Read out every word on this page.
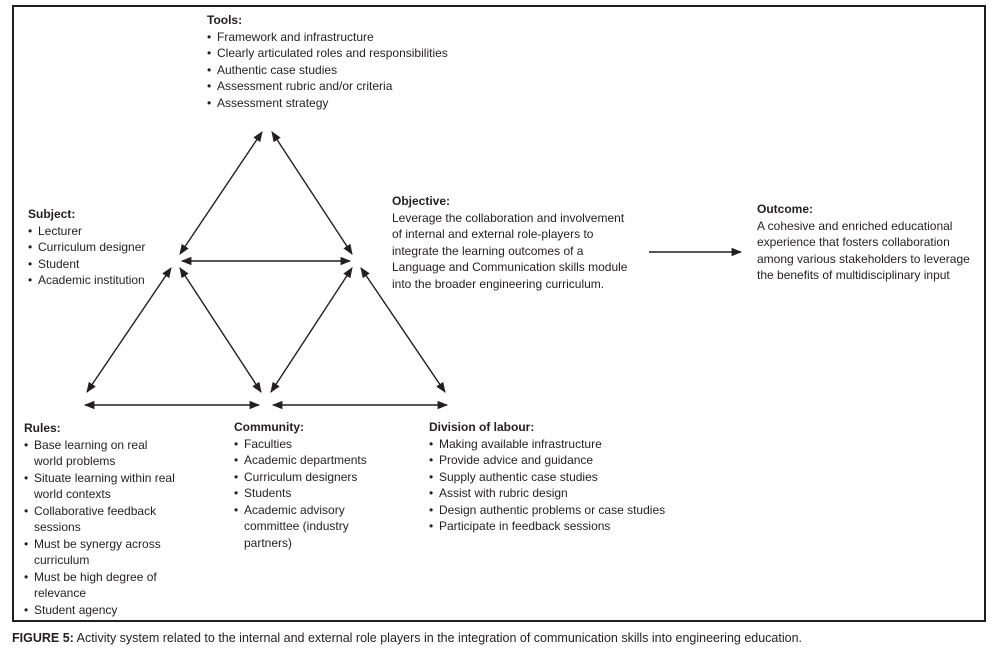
Tools:
• Framework and infrastructure
• Clearly articulated roles and responsibilities
• Authentic case studies
• Assessment rubric and/or criteria
• Assessment strategy
Subject:
• Lecturer
• Curriculum designer
• Student
• Academic institution
Objective:
Leverage the collaboration and involvement of internal and external role-players to integrate the learning outcomes of a Language and Communication skills module into the broader engineering curriculum.
Outcome:
A cohesive and enriched educational experience that fosters collaboration among various stakeholders to leverage the benefits of multidisciplinary input
Rules:
• Base learning on real world problems
• Situate learning within real world contexts
• Collaborative feedback sessions
• Must be synergy across curriculum
• Must be high degree of relevance
• Student agency
Community:
• Faculties
• Academic departments
• Curriculum designers
• Students
• Academic advisory committee (industry partners)
Division of labour:
• Making available infrastructure
• Provide advice and guidance
• Supply authentic case studies
• Assist with rubric design
• Design authentic problems or case studies
• Participate in feedback sessions
FIGURE 5: Activity system related to the internal and external role players in the integration of communication skills into engineering education.
